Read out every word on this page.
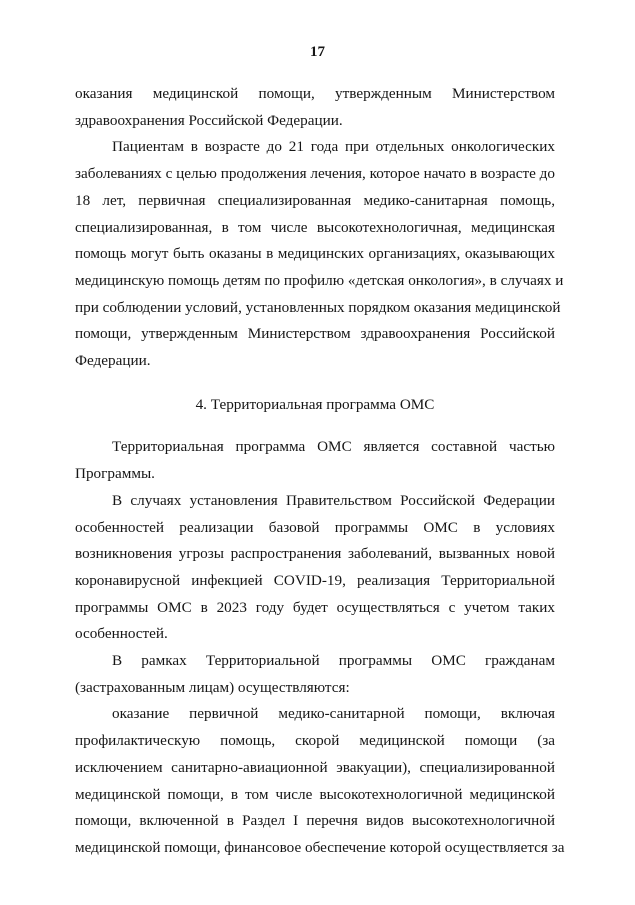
17
оказания медицинской помощи, утвержденным Министерством
здравоохранения Российской Федерации.
Пациентам в возрасте до 21 года при отдельных онкологических
заболеваниях с целью продолжения лечения, которое начато в возрасте до
18 лет, первичная специализированная медико-санитарная помощь,
специализированная, в том числе высокотехнологичная, медицинская
помощь могут быть оказаны в медицинских организациях, оказывающих
медицинскую помощь детям по профилю «детская онкология», в случаях и
при соблюдении условий, установленных порядком оказания медицинской
помощи, утвержденным Министерством здравоохранения Российской
Федерации.
4. Территориальная программа ОМС
Территориальная программа ОМС является составной частью
Программы.
В случаях установления Правительством Российской Федерации
особенностей реализации базовой программы ОМС в условиях
возникновения угрозы распространения заболеваний, вызванных новой
коронавирусной инфекцией COVID-19, реализация Территориальной
программы ОМС в 2023 году будет осуществляться с учетом таких
особенностей.
В рамках Территориальной программы ОМС гражданам
(застрахованным лицам) осуществляются:
оказание первичной медико-санитарной помощи, включая
профилактическую помощь, скорой медицинской помощи (за
исключением санитарно-авиационной эвакуации), специализированной
медицинской помощи, в том числе высокотехнологичной медицинской
помощи, включенной в Раздел I перечня видов высокотехнологичной
медицинской помощи, финансовое обеспечение которой осуществляется за
